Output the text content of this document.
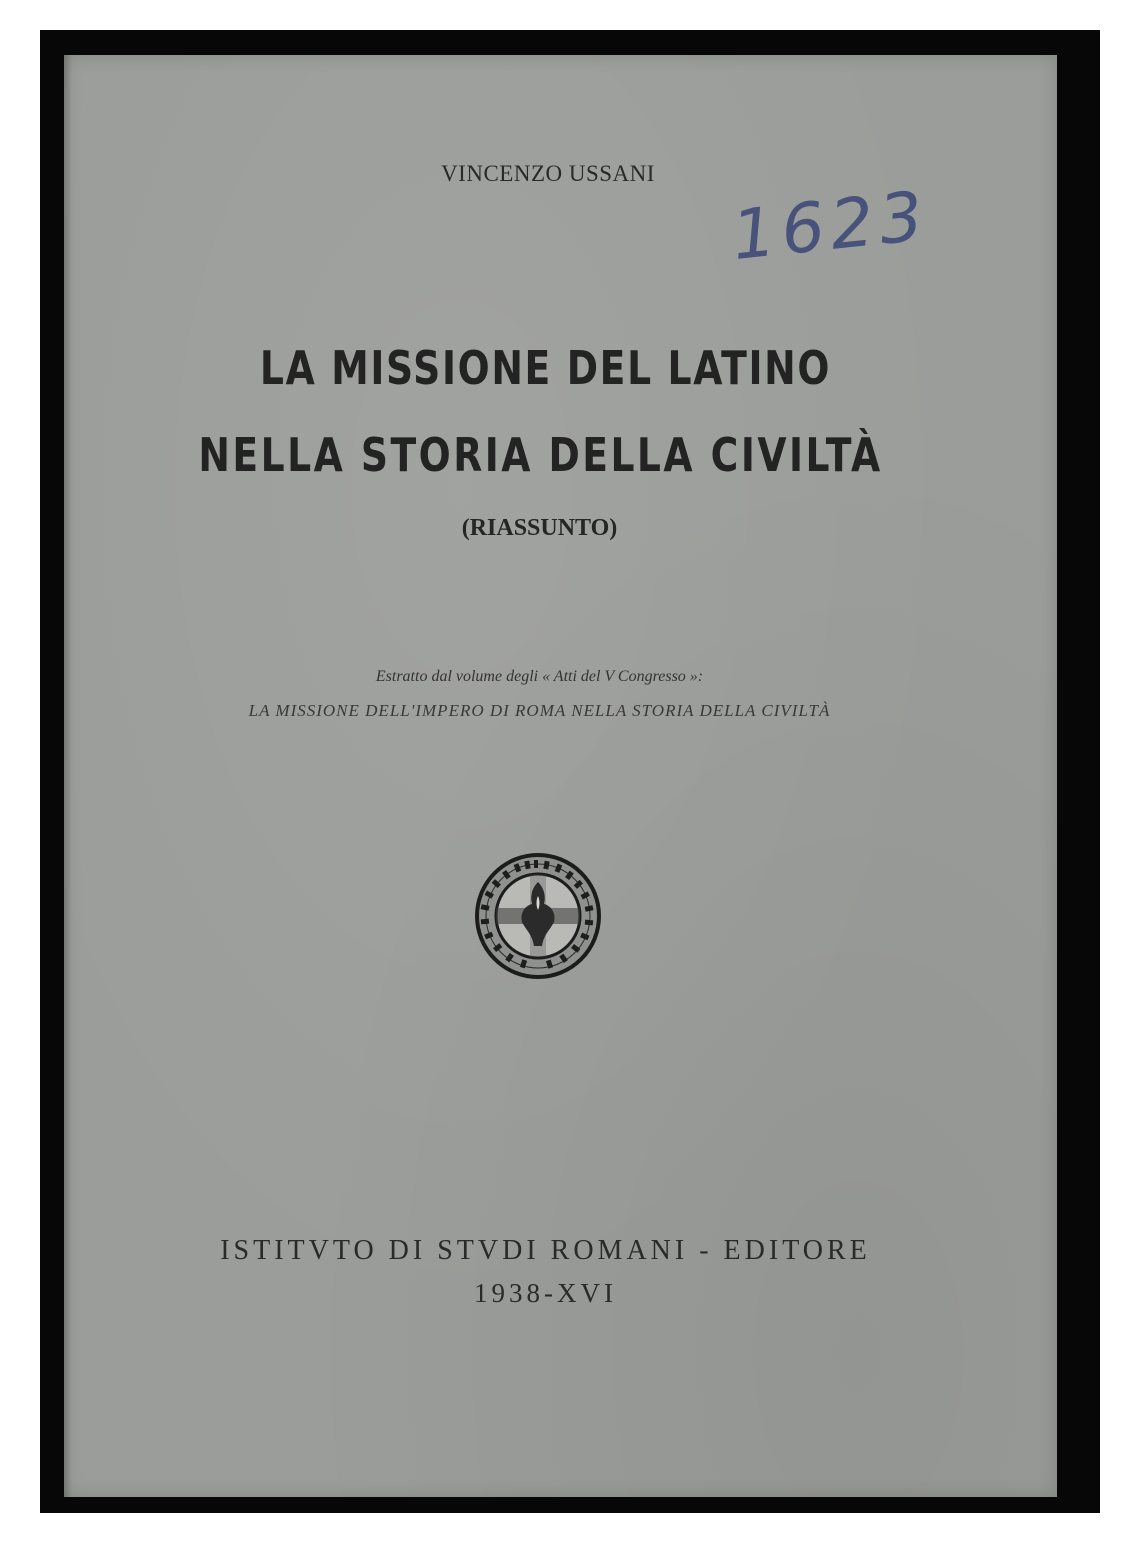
VINCENZO USSANI
1623
LA MISSIONE DEL LATINO
NELLA STORIA DELLA CIVILTÀ
(RIASSUNTO)
Estratto dal volume degli « Atti del V Congresso »:
LA MISSIONE DELL'IMPERO DI ROMA NELLA STORIA DELLA CIVILTÀ
ISTITVTO DI STVDI ROMANI - EDITORE
1938-XVI
